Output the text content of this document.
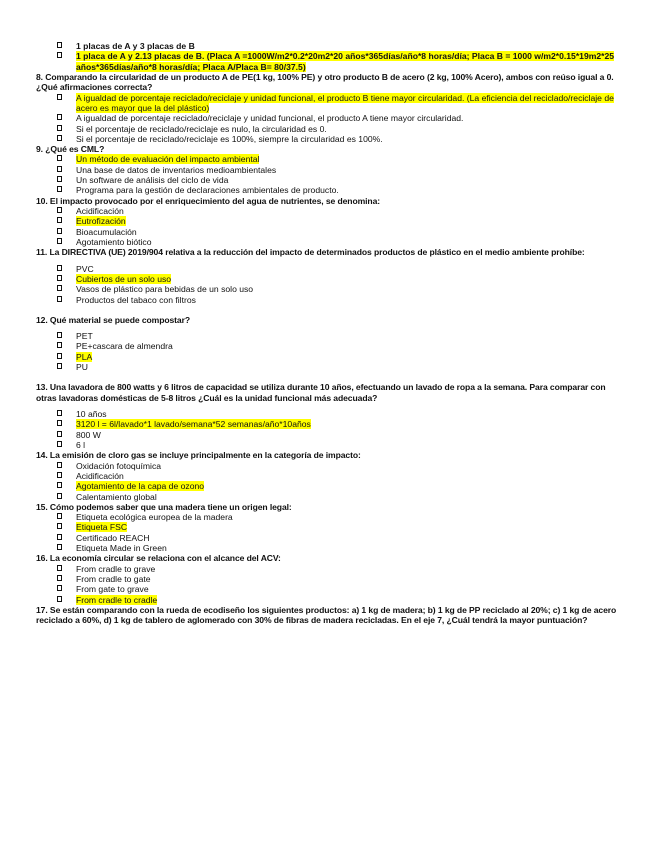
1 placas de A y 3 placas de B
1 placa de A y 2.13 placas de B. (Placa A =1000W/m2*0.2*20m2*20 años*365días/año*8 horas/día; Placa B = 1000 w/m2*0.15*19m2*25 años*365días/año*8 horas/día; Placa A/Placa B= 80/37.5)
8. Comparando la circularidad de un producto A de PE(1 kg, 100% PE) y otro producto B de acero (2 kg, 100% Acero), ambos con reúso igual a 0. ¿Qué afirmaciones correcta?
A igualdad de porcentaje reciclado/reciclaje y unidad funcional, el producto B tiene mayor circularidad. (La eficiencia del reciclado/reciclaje de acero es mayor que la del plástico)
A igualdad de porcentaje reciclado/reciclaje y unidad funcional, el producto A tiene mayor circularidad.
Si el porcentaje de reciclado/reciclaje es nulo, la circularidad es 0.
Si el porcentaje de reciclado/reciclaje es 100%, siempre la circularidad es 100%.
9. ¿Qué es CML?
Un método de evaluación del impacto ambiental
Una base de datos de inventarios medioambientales
Un software de análisis del ciclo de vida
Programa para la gestión de declaraciones ambientales de producto.
10. El impacto provocado por el enriquecimiento del agua de nutrientes, se denomina:
Acidificación
Eutrofización
Bioacumulación
Agotamiento biótico
11. La DIRECTIVA (UE) 2019/904 relativa a la reducción del impacto de determinados productos de plástico en el medio ambiente prohíbe:
PVC
Cubiertos de un solo uso
Vasos de plástico para bebidas de un solo uso
Productos del tabaco con filtros
12. Qué material se puede compostar?
PET
PE+cascara de almendra
PLA
PU
13. Una lavadora de 800 watts y 6 litros de capacidad se utiliza durante 10 años, efectuando un lavado de ropa a la semana. Para comparar con otras lavadoras domésticas de 5-8 litros ¿Cuál es la unidad funcional más adecuada?
10 años
3120 l = 6l/lavado*1 lavado/semana*52 semanas/año*10años
800 W
6 l
14. La emisión de cloro gas se incluye principalmente en la categoría de impacto:
Oxidación fotoquímica
Acidificación
Agotamiento de la capa de ozono
Calentamiento global
15. Cómo podemos saber que una madera tiene un origen legal:
Etiqueta ecológica europea de la madera
Etiqueta FSC
Certificado REACH
Etiqueta Made in Green
16. La economía circular se relaciona con el alcance del ACV:
From cradle to grave
From cradle to gate
From gate to grave
From cradle to cradle
17. Se están comparando con la rueda de ecodiseño los siguientes productos: a) 1 kg de madera; b) 1 kg de PP reciclado al 20%; c) 1 kg de acero reciclado a 60%, d) 1 kg de tablero de aglomerado con 30% de fibras de madera recicladas. En el eje 7, ¿Cuál tendrá la mayor puntuación?
